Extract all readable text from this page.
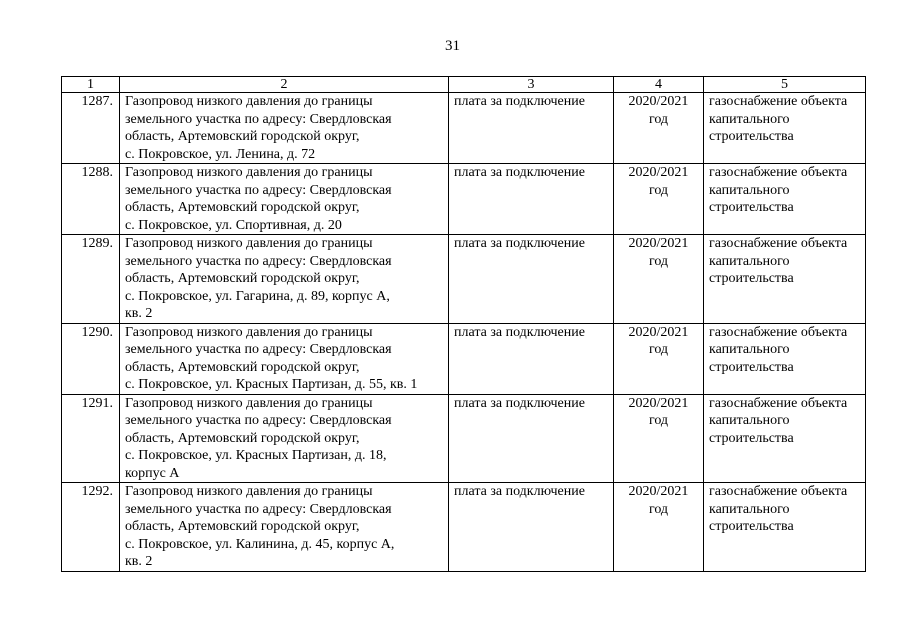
31
1	2	3	4	5
1287.	Газопровод низкого давления до границы
земельного участка по адресу: Свердловская
область, Артемовский городской округ,
с. Покровское, ул. Ленина, д. 72	плата за подключение	2020/2021
год	газоснабжение объекта
капитального
строительства

1288.	Газопровод низкого давления до границы
земельного участка по адресу: Свердловская
область, Артемовский городской округ,
с. Покровское, ул. Спортивная, д. 20	плата за подключение	2020/2021
год	газоснабжение объекта
капитального
строительства

1289.	Газопровод низкого давления до границы
земельного участка по адресу: Свердловская
область, Артемовский городской округ,
с. Покровское, ул. Гагарина, д. 89, корпус А,
кв. 2	плата за подключение	2020/2021
год	газоснабжение объекта
капитального
строительства

1290.	Газопровод низкого давления до границы
земельного участка по адресу: Свердловская
область, Артемовский городской округ,
с. Покровское, ул. Красных Партизан, д. 55, кв. 1	плата за подключение	2020/2021
год	газоснабжение объекта
капитального
строительства

1291.	Газопровод низкого давления до границы
земельного участка по адресу: Свердловская
область, Артемовский городской округ,
с. Покровское, ул. Красных Партизан, д. 18,
корпус А	плата за подключение	2020/2021
год	газоснабжение объекта
капитального
строительства

1292.	Газопровод низкого давления до границы
земельного участка по адресу: Свердловская
область, Артемовский городской округ,
с. Покровское, ул. Калинина, д. 45, корпус А,
кв. 2	плата за подключение	2020/2021
год	газоснабжение объекта
капитального
строительства
